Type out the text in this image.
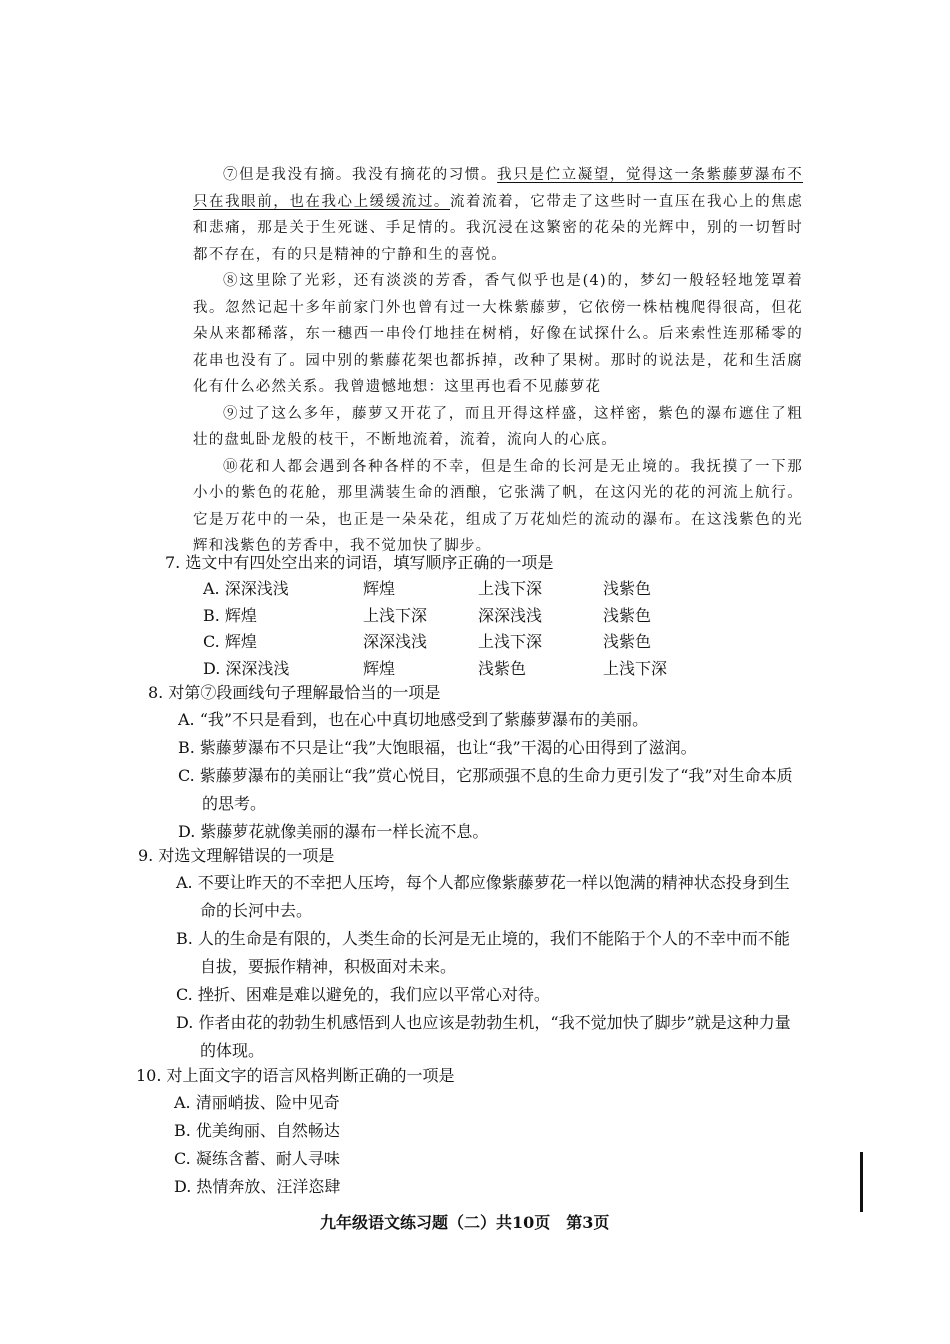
⑦但是我没有摘。我没有摘花的习惯。我只是伫立凝望，觉得这一条紫藤萝瀑布不只在我眼前，也在我心上缓缓流过。流着流着，它带走了这些时一直压在我心上的焦虑和悲痛，那是关于生死谜、手足情的。我沉浸在这繁密的花朵的光辉中，别的一切暂时都不存在，有的只是精神的宁静和生的喜悦。

⑧这里除了光彩，还有淡淡的芳香，香气似乎也是(4)的，梦幻一般轻轻地笼罩着我。忽然记起十多年前家门外也曾有过一大株紫藤萝，它依傍一株枯槐爬得很高，但花朵从来都稀落，东一穗西一串伶仃地挂在树梢，好像在试探什么。后来索性连那稀零的花串也没有了。园中别的紫藤花架也都拆掉，改种了果树。那时的说法是，花和生活腐化有什么必然关系。我曾遗憾地想：这里再也看不见藤萝花

⑨过了这么多年，藤萝又开花了，而且开得这样盛，这样密，紫色的瀑布遮住了粗壮的盘虬卧龙般的枝干，不断地流着，流着，流向人的心底。

⑩花和人都会遇到各种各样的不幸，但是生命的长河是无止境的。我抚摸了一下那小小的紫色的花舱，那里满装生命的酒酿，它张满了帆，在这闪光的花的河流上航行。它是万花中的一朵，也正是一朵朵花，组成了万花灿烂的流动的瀑布。在这浅紫色的光辉和浅紫色的芳香中，我不觉加快了脚步。

7. 选文中有四处空出来的词语，填写顺序正确的一项是

A. 深深浅浅	辉煌	上浅下深	浅紫色
B. 辉煌	上浅下深	深深浅浅	浅紫色
C. 辉煌	深深浅浅	上浅下深	浅紫色
D. 深深浅浅	辉煌	浅紫色	上浅下深

8. 对第⑦段画线句子理解最恰当的一项是

A. “我”不只是看到，也在心中真切地感受到了紫藤萝瀑布的美丽。

B. 紫藤萝瀑布不只是让“我”大饱眼福，也让“我”干渴的心田得到了滋润。

C. 紫藤萝瀑布的美丽让“我”赏心悦目，它那顽强不息的生命力更引发了“我”对生命本质的思考。

D. 紫藤萝花就像美丽的瀑布一样长流不息。

9. 对选文理解错误的一项是

A. 不要让昨天的不幸把人压垮，每个人都应像紫藤萝花一样以饱满的精神状态投身到生命的长河中去。

B. 人的生命是有限的，人类生命的长河是无止境的，我们不能陷于个人的不幸中而不能自拔，要振作精神，积极面对未来。

C. 挫折、困难是难以避免的，我们应以平常心对待。

D. 作者由花的勃勃生机感悟到人也应该是勃勃生机，“我不觉加快了脚步”就是这种力量的体现。

10. 对上面文字的语言风格判断正确的一项是

A. 清丽峭拔、险中见奇

B. 优美绚丽、自然畅达

C. 凝练含蓄、耐人寻味

D. 热情奔放、汪洋恣肆

九年级语文练习题（二）共10页　第3页
